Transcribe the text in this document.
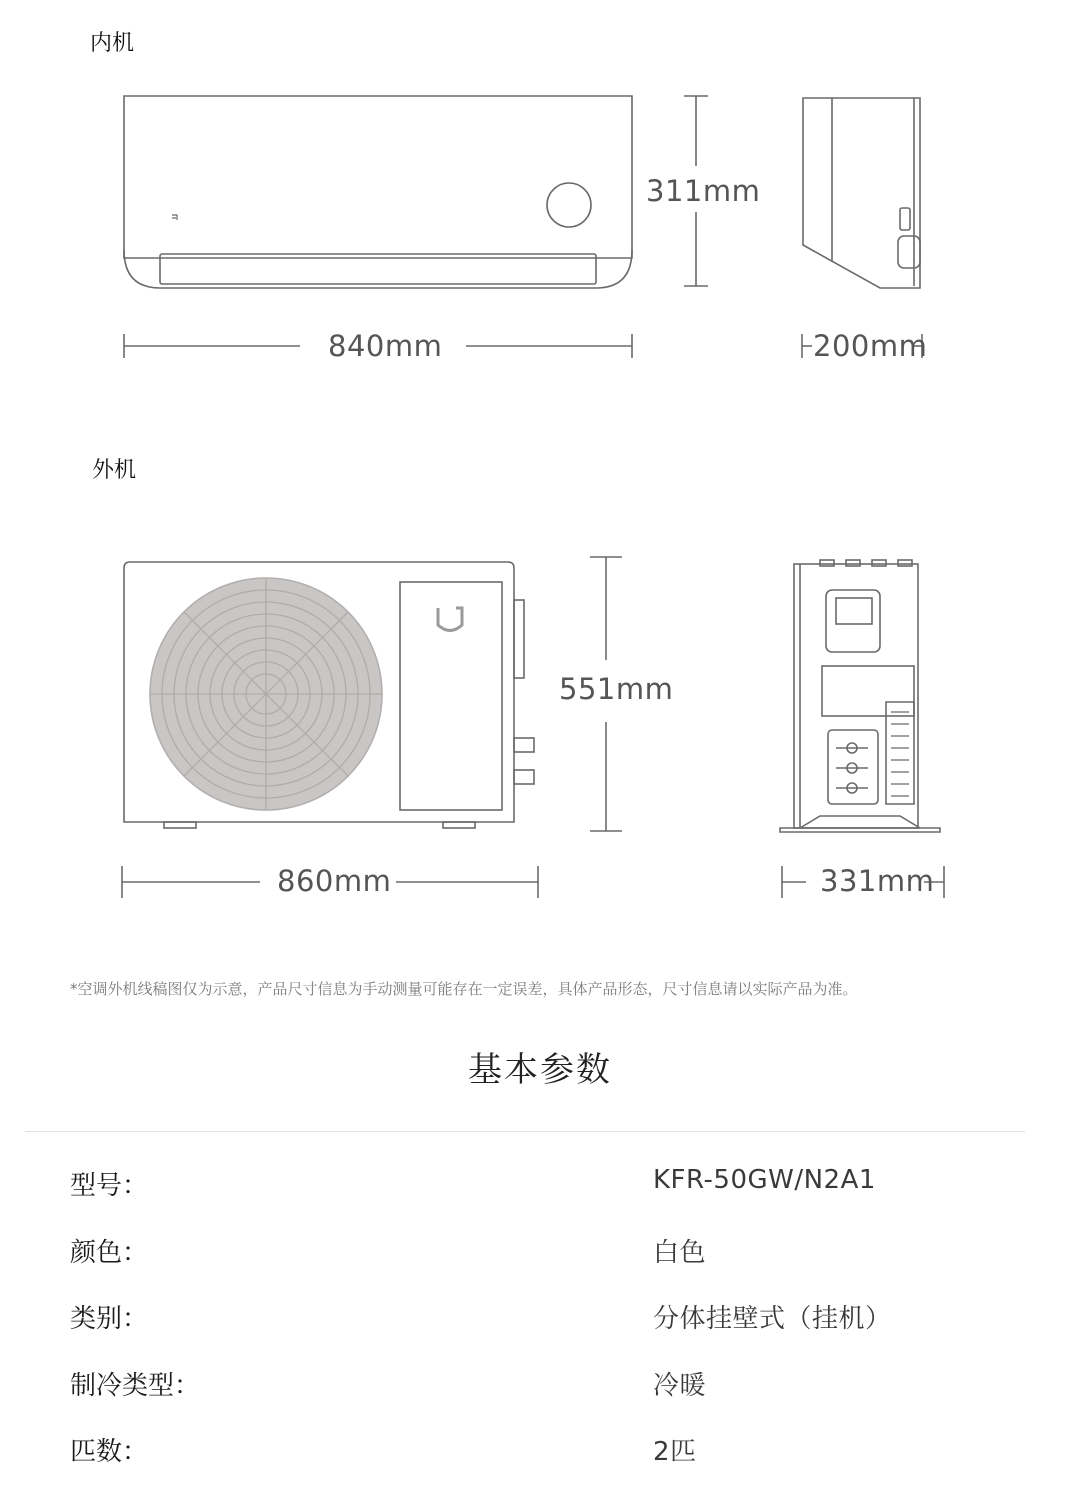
内机
311mm
840mm	200mm
外机
551mm
860mm	331mm
*空调外机线稿图仅为示意，产品尺寸信息为手动测量可能存在一定误差，具体产品形态，尺寸信息请以实际产品为准。
基本参数
型号：	KFR-50GW/N2A1
颜色：	白色
类别：	分体挂壁式（挂机）
制冷类型：	冷暖
匹数：	2匹
